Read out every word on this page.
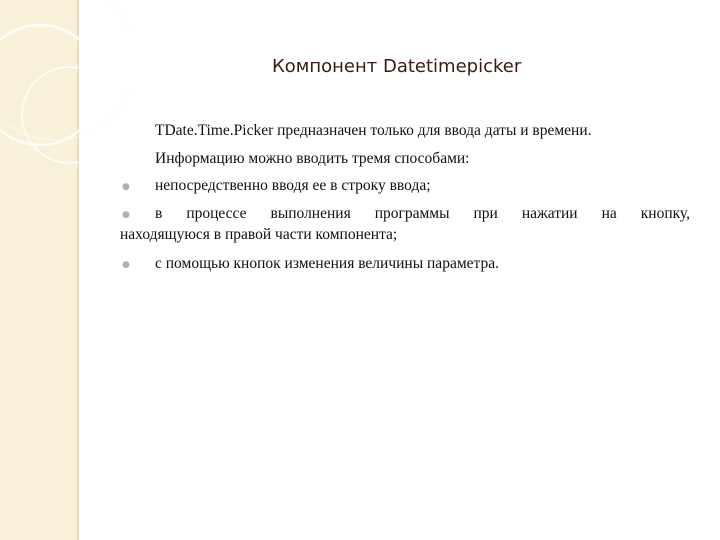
Компонент Datetimepicker
TDate.Time.Picker предназначен только для ввода даты и времени.
Информацию можно вводить тремя способами:
● непосредственно вводя ее в строку ввода;
● в процессе выполнения программы при нажатии на кнопку,
находящуюся в правой части компонента;
● с помощью кнопок изменения величины параметра.
